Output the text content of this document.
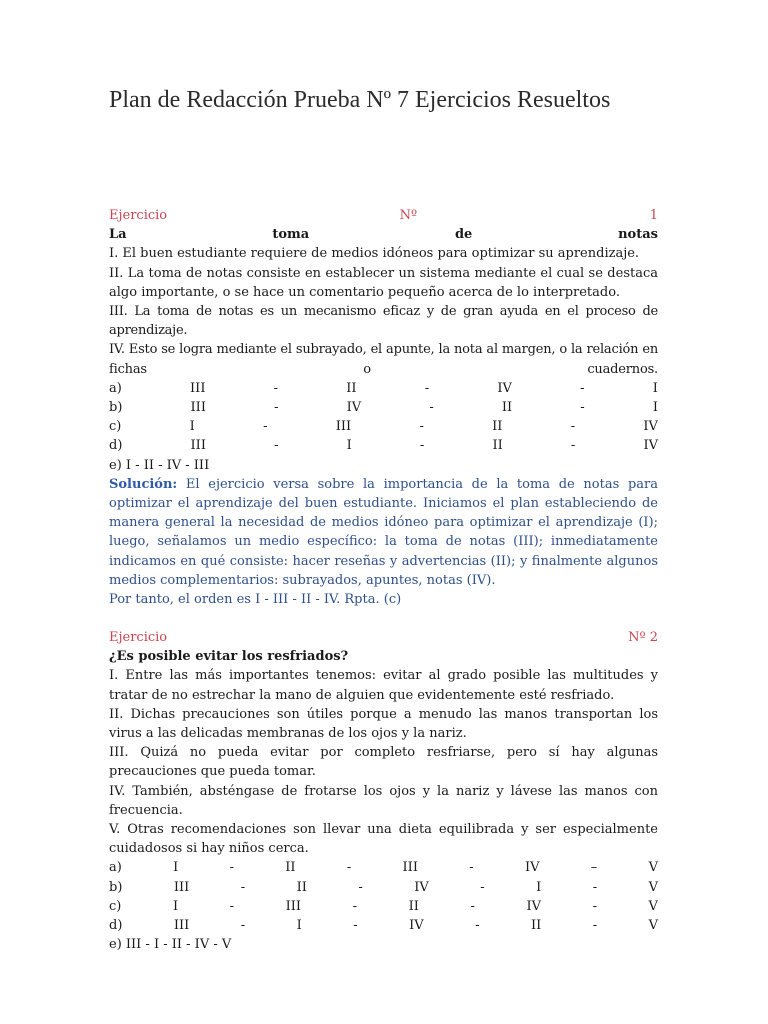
Plan de Redacción Prueba Nº 7 Ejercicios Resueltos
Ejercicio	Nº	1
La	toma	de	notas
I. El buen estudiante requiere de medios idóneos para optimizar su aprendizaje.
II. La toma de notas consiste en establecer un sistema mediante el cual se destaca algo importante, o se hace un comentario pequeño acerca de lo interpretado.
III. La toma de notas es un mecanismo eficaz y de gran ayuda en el proceso de aprendizaje.
IV. Esto se logra mediante el subrayado, el apunte, la nota al margen, o la relación en fichas o cuadernos.
a)	III	-	II	-	IV	-	I
b)	III	-	IV	-	II	-	I
c)	I	-	III	-	II	-	IV
d)	III	-	I	-	II	-	IV
e) I - II - IV - III
Solución: El ejercicio versa sobre la importancia de la toma de notas para optimizar el aprendizaje del buen estudiante. Iniciamos el plan estableciendo de manera general la necesidad de medios idóneo para optimizar el aprendizaje (I); luego, señalamos un medio específico: la toma de notas (III); inmediatamente indicamos en qué consiste: hacer reseñas y advertencias (II); y finalmente algunos medios complementarios: subrayados, apuntes, notas (IV).
Por tanto, el orden es I - III - II - IV. Rpta. (c)
Ejercicio	Nº 2
¿Es posible evitar los resfriados?
I. Entre las más importantes tenemos: evitar al grado posible las multitudes y tratar de no estrechar la mano de alguien que evidentemente esté resfriado.
II. Dichas precauciones son útiles porque a menudo las manos transportan los virus a las delicadas membranas de los ojos y la nariz.
III. Quizá no pueda evitar por completo resfriarse, pero sí hay algunas precauciones que pueda tomar.
IV. También, absténgase de frotarse los ojos y la nariz y lávese las manos con frecuencia.
V. Otras recomendaciones son llevar una dieta equilibrada y ser especialmente cuidadosos si hay niños cerca.
a)	I	-	II	-	III	-	IV	–	V
b)	III	-	II	-	IV	-	I	-	V
c)	I	-	III	-	II	-	IV	-	V
d)	III	-	I	-	IV	-	II	-	V
e) III - I - II - IV - V
